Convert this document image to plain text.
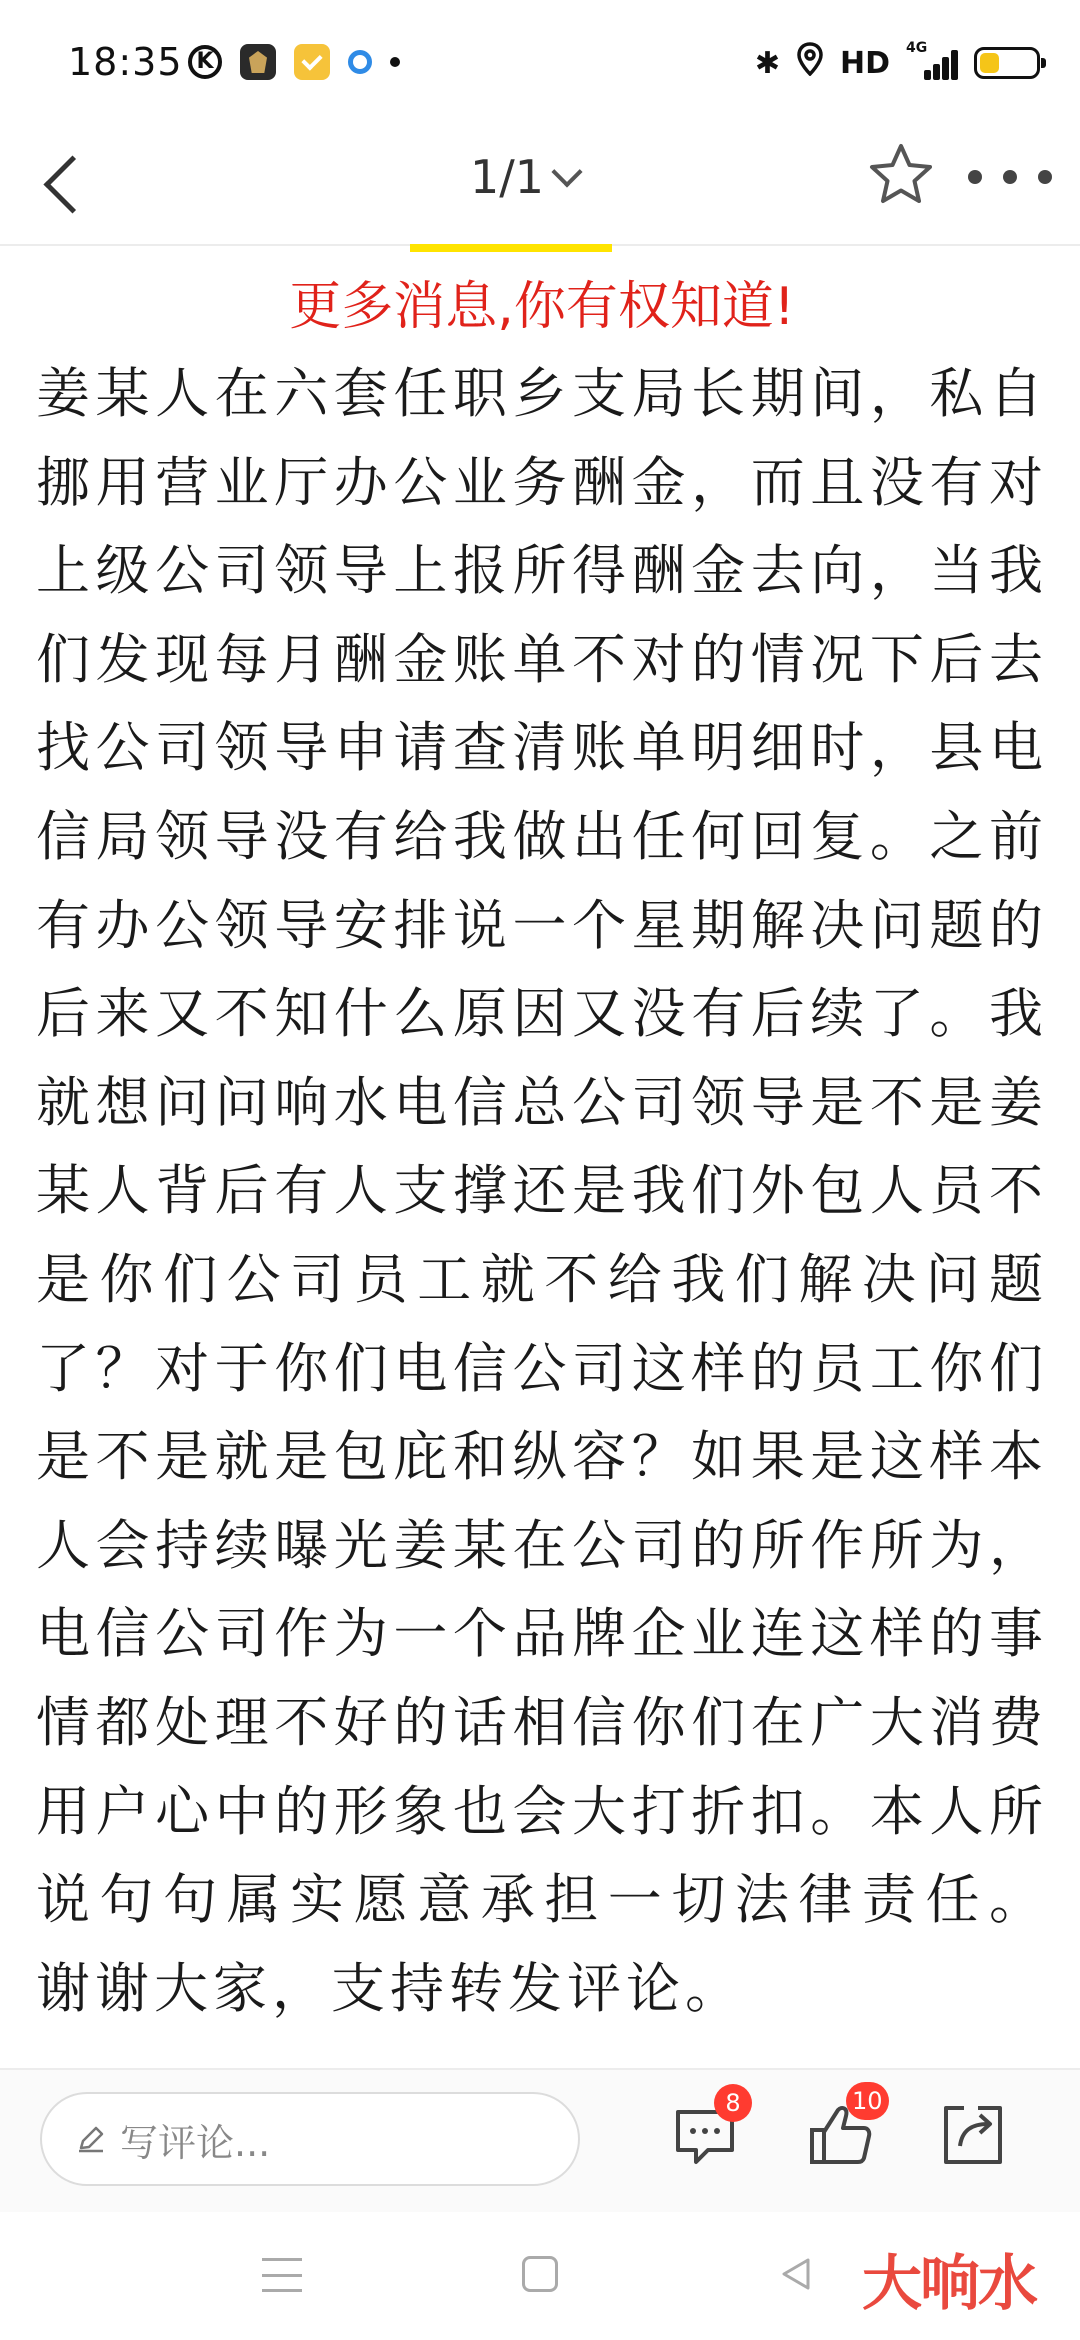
18:35 K	✱ HD 4G
1/1
更多消息,你有权知道!

姜某人在六套任职乡支局长期间，私自挪用营业厅办公业务酬金，而且没有对上级公司领导上报所得酬金去向，当我们发现每月酬金账单不对的情况下后去找公司领导申请查清账单明细时，县电信局领导没有给我做出任何回复。之前有办公领导安排说一个星期解决问题的后来又不知什么原因又没有后续了。我就想问问响水电信总公司领导是不是姜某人背后有人支撑还是我们外包人员不是你们公司员工就不给我们解决问题了？对于你们电信公司这样的员工你们是不是就是包庇和纵容？如果是这样本人会持续曝光姜某在公司的所作所为，电信公司作为一个品牌企业连这样的事情都处理不好的话相信你们在广大消费用户心中的形象也会大打折扣。本人所说句句属实愿意承担一切法律责任。 谢谢大家，支持转发评论。

写评论...
8	10
大响水
